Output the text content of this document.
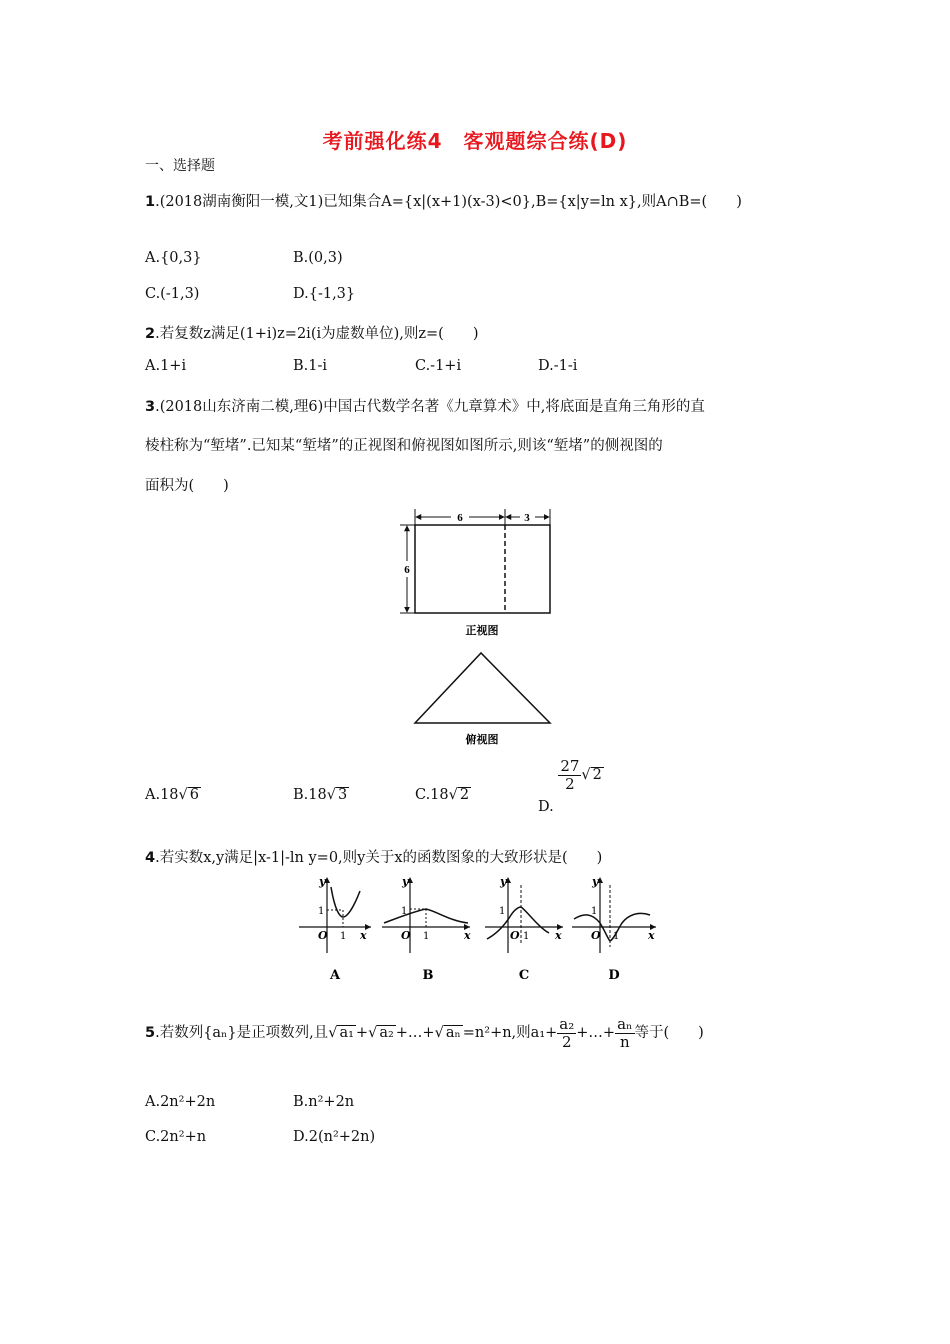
考前强化练4　客观题综合练(D)
一、选择题
1.(2018湖南衡阳一模,文1)已知集合A={x|(x+1)(x-3)<0},B={x|y=ln x},则A∩B=(　　)
A.{0,3}	B.(0,3)
C.(-1,3)	D.{-1,3}
2.若复数z满足(1+i)z=2i(i为虚数单位),则z=(　　)
A.1+i	B.1-i	C.-1+i	D.-1-i
3.(2018山东济南二模,理6)中国古代数学名著《九章算术》中,将底面是直角三角形的直
棱柱称为“堑堵”.已知某“堑堵”的正视图和俯视图如图所示,则该“堑堵”的侧视图的
面积为(　　)
6	3
6
正视图
俯视图
A.18√ 6	B.18√ 3	C.18√ 2
D.
$\frac{27}{2}$ √ 2
4.若实数x,y满足|x-1|-ln y=0,则y关于x的函数图象的大致形状是(　　)
y
1
O 1 x
A
y
1
O 1	x
B
y
1
O 1 x
C
y
1
O 1	x
D
5.若数列{aₙ}是正项数列,且√ a₁ +√ a₂ +…+√ aₙ =n²+n,则$a_1+ \frac{\text{a₂}}{2}$ +…+ $\frac{\text{aₙ}}{n}$ 等于(　　)
A.2n²+2n	B.n²+2n
C.2n²+n	D.2(n²+2n)
